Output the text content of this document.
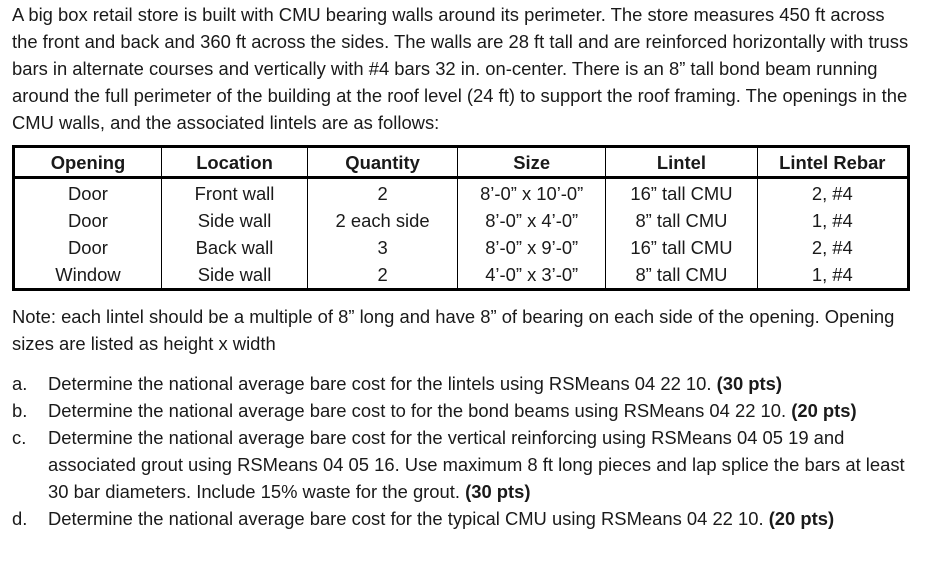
A big box retail store is built with CMU bearing walls around its perimeter. The store measures 450 ft across the front and back and 360 ft across the sides. The walls are 28 ft tall and are reinforced horizontally with truss bars in alternate courses and vertically with #4 bars 32 in. on-center. There is an 8” tall bond beam running around the full perimeter of the building at the roof level (24 ft) to support the roof framing. The openings in the CMU walls, and the associated lintels are as follows:

Opening	Location	Quantity	Size	Lintel	Lintel Rebar
Door	Front wall	2	8’-0” x 10’-0”	16” tall CMU	2, #4
Door	Side wall	2 each side	8’-0” x 4’-0”	8” tall CMU	1, #4
Door	Back wall	3	8’-0” x 9’-0”	16” tall CMU	2, #4
Window	Side wall	2	4’-0” x 3’-0”	8” tall CMU	1, #4

Note: each lintel should be a multiple of 8” long and have 8” of bearing on each side of the opening. Opening sizes are listed as height x width

a.	Determine the national average bare cost for the lintels using RSMeans 04 22 10. (30 pts)
b.	Determine the national average bare cost to for the bond beams using RSMeans 04 22 10. (20 pts)
c.	Determine the national average bare cost for the vertical reinforcing using RSMeans 04 05 19 and associated grout using RSMeans 04 05 16. Use maximum 8 ft long pieces and lap splice the bars at least 30 bar diameters. Include 15% waste for the grout. (30 pts)
d.	Determine the national average bare cost for the typical CMU using RSMeans 04 22 10. (20 pts)
